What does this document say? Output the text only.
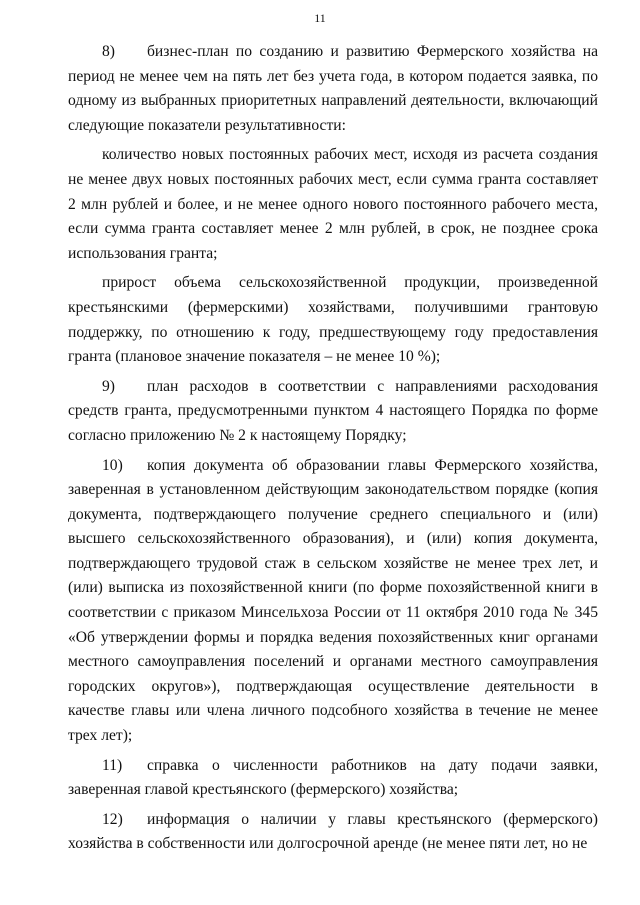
11

8) бизнес-план по созданию и развитию Фермерского хозяйства на период не менее чем на пять лет без учета года, в котором подается заявка, по одному из выбранных приоритетных направлений деятельности, включающий следующие показатели результативности:

количество новых постоянных рабочих мест, исходя из расчета создания не менее двух новых постоянных рабочих мест, если сумма гранта составляет 2 млн рублей и более, и не менее одного нового постоянного рабочего места, если сумма гранта составляет менее 2 млн рублей, в срок, не позднее срока использования гранта;

прирост объема сельскохозяйственной продукции, произведенной крестьянскими (фермерскими) хозяйствами, получившими грантовую поддержку, по отношению к году, предшествующему году предоставления гранта (плановое значение показателя – не менее 10 %);

9) план расходов в соответствии с направлениями расходования средств гранта, предусмотренными пунктом 4 настоящего Порядка по форме согласно приложению № 2 к настоящему Порядку;

10) копия документа об образовании главы Фермерского хозяйства, заверенная в установленном действующим законодательством порядке (копия документа, подтверждающего получение среднего специального и (или) высшего сельскохозяйственного образования), и (или) копия документа, подтверждающего трудовой стаж в сельском хозяйстве не менее трех лет, и (или) выписка из похозяйственной книги (по форме похозяйственной книги в соответствии с приказом Минсельхоза России от 11 октября 2010 года № 345 «Об утверждении формы и порядка ведения похозяйственных книг органами местного самоуправления поселений и органами местного самоуправления городских округов»), подтверждающая осуществление деятельности в качестве главы или члена личного подсобного хозяйства в течение не менее трех лет);

11) справка о численности работников на дату подачи заявки, заверенная главой крестьянского (фермерского) хозяйства;

12) информация о наличии у главы крестьянского (фермерского) хозяйства в собственности или долгосрочной аренде (не менее пяти лет, но не
